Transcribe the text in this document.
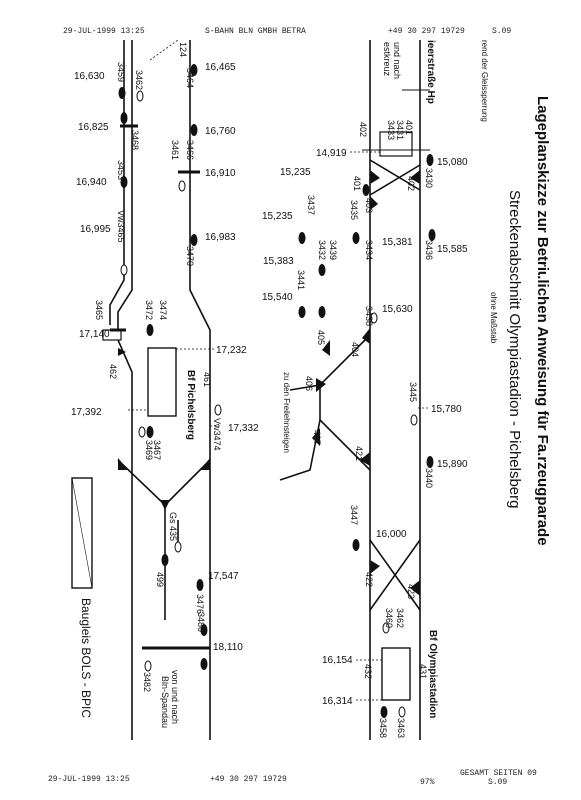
29-JUL-1999 13:25	S-BAHN BLN GMBH BETRA	+49 30 297 19729	S.09
29-JUL-1999 13:25	+49 30 297 19729	97%
GESAMT SEITEN 09
S.09
Lageplanskizze zur Betriɩ.lichen Anweisung für Fa.rzeugparade
Streckenabschnitt Olympiastadion - Pichelsberg
ohne Maßstab
rend der Gleissperrung
16,630
16,825
16,940
16,995
17,140
17,392
16,465
16,760
16,910
16,983
17,232
17,332
17,547
18,110
3459 3462
3468
3453
Vw3465
3465
3464
3466
3461
3470
3474
3472
3467
3469	Vw3474
3476
3480
3482
124
462
461
499
Gs 435
Bf Pichelsberg
von und nach
Bln-Spandau
Baugleis BOLS - BPIC
14,919
15,080
15,235
15,235
15,381
15,383
15,585
15,540
15,630
15,780
15,890
16,000
16,154
16,314
3431
3433
3430
3435
3437
3432	3434	3436
3439
3441
3438
3445
3440
3447
3462
3460
3458 3463
402	401
401	402
403
404
405
406
407
421
422
423
431
432
ieerstraße Hp
Bf Olympiastadion
und nach
estkreuz
zu den Freilehnsteigen
